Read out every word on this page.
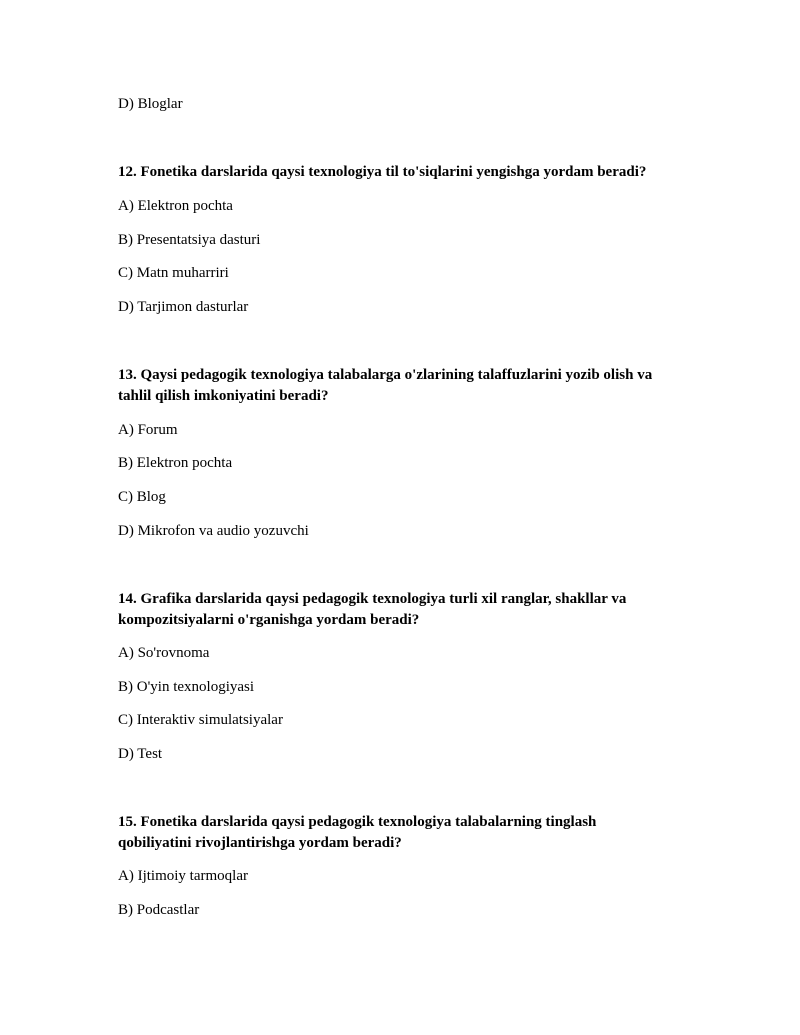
D) Bloglar
12. Fonetika darslarida qaysi texnologiya til to'siqlarini yengishga yordam beradi?
A) Elektron pochta
B) Presentatsiya dasturi
C) Matn muharriri
D) Tarjimon dasturlar
13. Qaysi pedagogik texnologiya talabalarga o'zlarining talaffuzlarini yozib olish va
tahlil qilish imkoniyatini beradi?
A) Forum
B) Elektron pochta
C) Blog
D) Mikrofon va audio yozuvchi
14. Grafika darslarida qaysi pedagogik texnologiya turli xil ranglar, shakllar va
kompozitsiyalarni o'rganishga yordam beradi?
A) So'rovnoma
B) O'yin texnologiyasi
C) Interaktiv simulatsiyalar
D) Test
15. Fonetika darslarida qaysi pedagogik texnologiya talabalarning tinglash
qobiliyatini rivojlantirishga yordam beradi?
A) Ijtimoiy tarmoqlar
B) Podcastlar
